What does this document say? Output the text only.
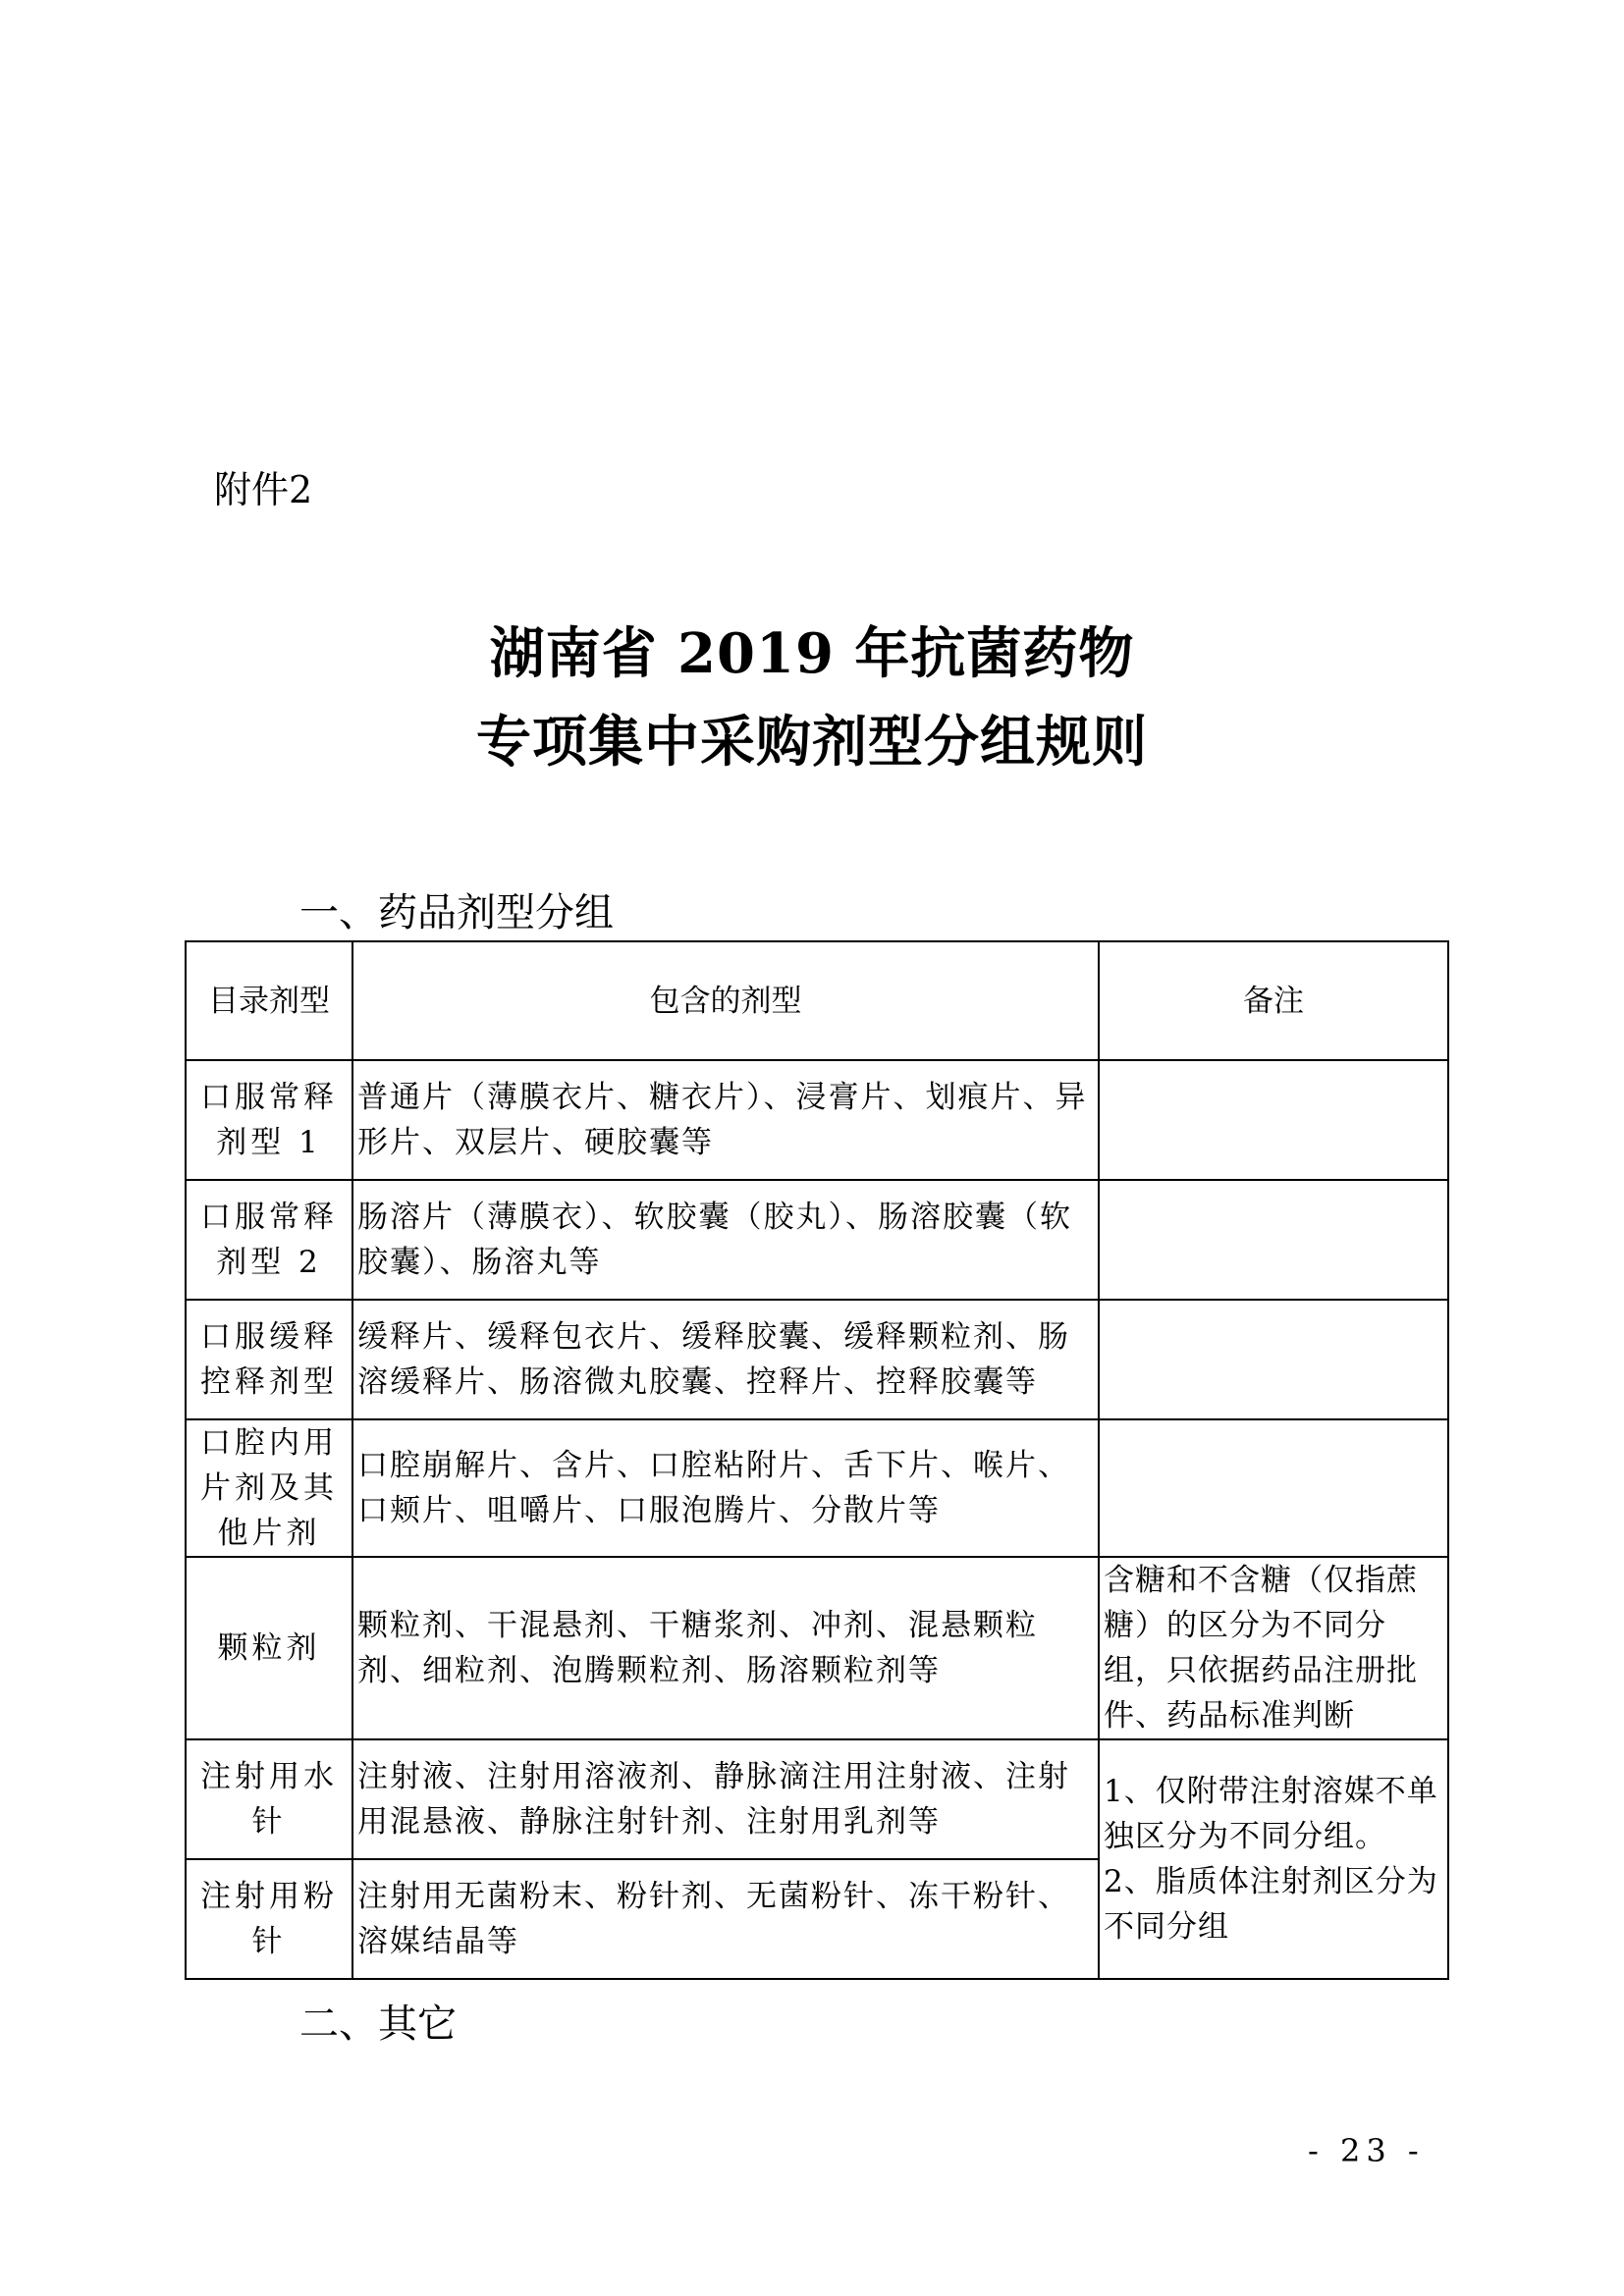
附件2
湖南省 2019 年抗菌药物
专项集中采购剂型分组规则
一、药品剂型分组
目录剂型	包含的剂型	备注
口服常释剂型 1	普通片（薄膜衣片、糖衣片）、浸膏片、划痕片、异形片、双层片、硬胶囊等	
口服常释剂型 2	肠溶片（薄膜衣）、软胶囊（胶丸）、肠溶胶囊（软胶囊）、肠溶丸等	
口服缓释控释剂型	缓释片、缓释包衣片、缓释胶囊、缓释颗粒剂、肠溶缓释片、肠溶微丸胶囊、控释片、控释胶囊等	
口腔内用片剂及其他片剂	口腔崩解片、含片、口腔粘附片、舌下片、喉片、口颊片、咀嚼片、口服泡腾片、分散片等	
颗粒剂	颗粒剂、干混悬剂、干糖浆剂、冲剂、混悬颗粒剂、细粒剂、泡腾颗粒剂、肠溶颗粒剂等	含糖和不含糖（仅指蔗糖）的区分为不同分组，只依据药品注册批件、药品标准判断
注射用水针	注射液、注射用溶液剂、静脉滴注用注射液、注射用混悬液、静脉注射针剂、注射用乳剂等	1、仅附带注射溶媒不单独区分为不同分组。 2、脂质体注射剂区分为不同分组
注射用粉针	注射用无菌粉末、粉针剂、无菌粉针、冻干粉针、溶媒结晶等	
二、其它
- 23 -
